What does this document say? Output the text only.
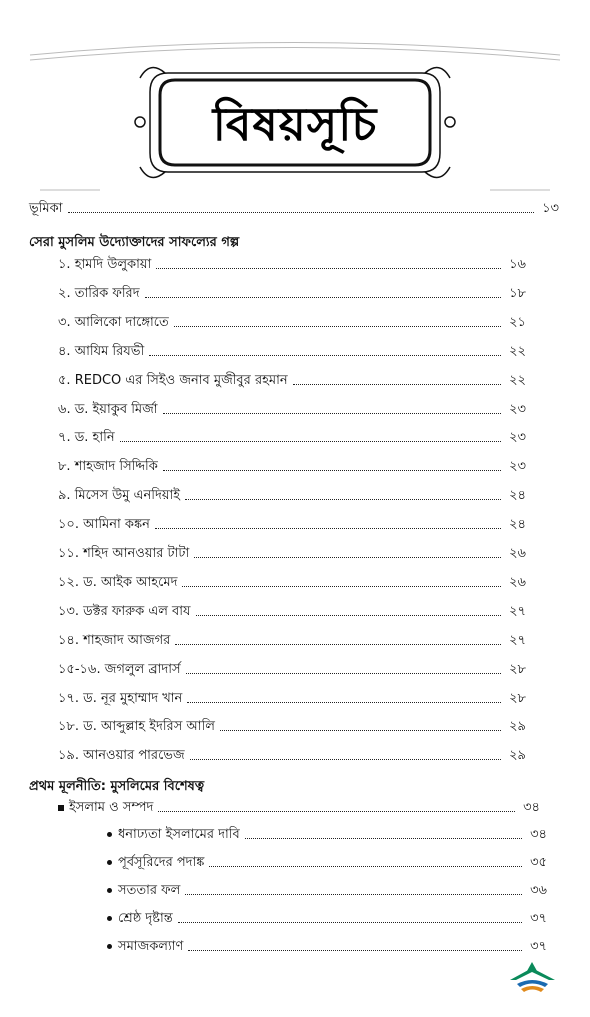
বিষয়সূচি
ভূমিকা	১৩
সেরা মুসলিম উদ্যোক্তাদের সাফল্যের গল্প
১. হামদি উলুকায়া	১৬
২. তারিক ফরিদ	১৮
৩. আলিকো দাঙ্গোতে	২১
৪. আযিম রিযভী	২২
৫. REDCO এর সিইও জনাব মুজীবুর রহমান	২২
৬. ড. ইয়াকুব মির্জা	২৩
৭. ড. হানি	২৩
৮. শাহজাদ সিদ্দিকি	২৩
৯. মিসেস উমু এনদিয়াই	২৪
১০. আমিনা কঙ্কন	২৪
১১. শহিদ আনওয়ার টাটা	২৬
১২. ড. আইক আহমেদ	২৬
১৩. ডক্টর ফারুক এল বায	২৭
১৪. শাহজাদ আজগর	২৭
১৫-১৬. জগলুল ব্রাদার্স	২৮
১৭. ড. নূর মুহাম্মাদ খান	২৮
১৮. ড. আব্দুল্লাহ ইদরিস আলি	২৯
১৯. আনওয়ার পারভেজ	২৯
প্রথম মূলনীতি: মুসলিমের বিশেষত্ব
ইসলাম ও সম্পদ	৩৪
ধনাঢ্যতা ইসলামের দাবি	৩৪
পূর্বসূরিদের পদাঙ্ক	৩৫
সততার ফল	৩৬
শ্রেষ্ঠ দৃষ্টান্ত	৩৭
সমাজকল্যাণ	৩৭
